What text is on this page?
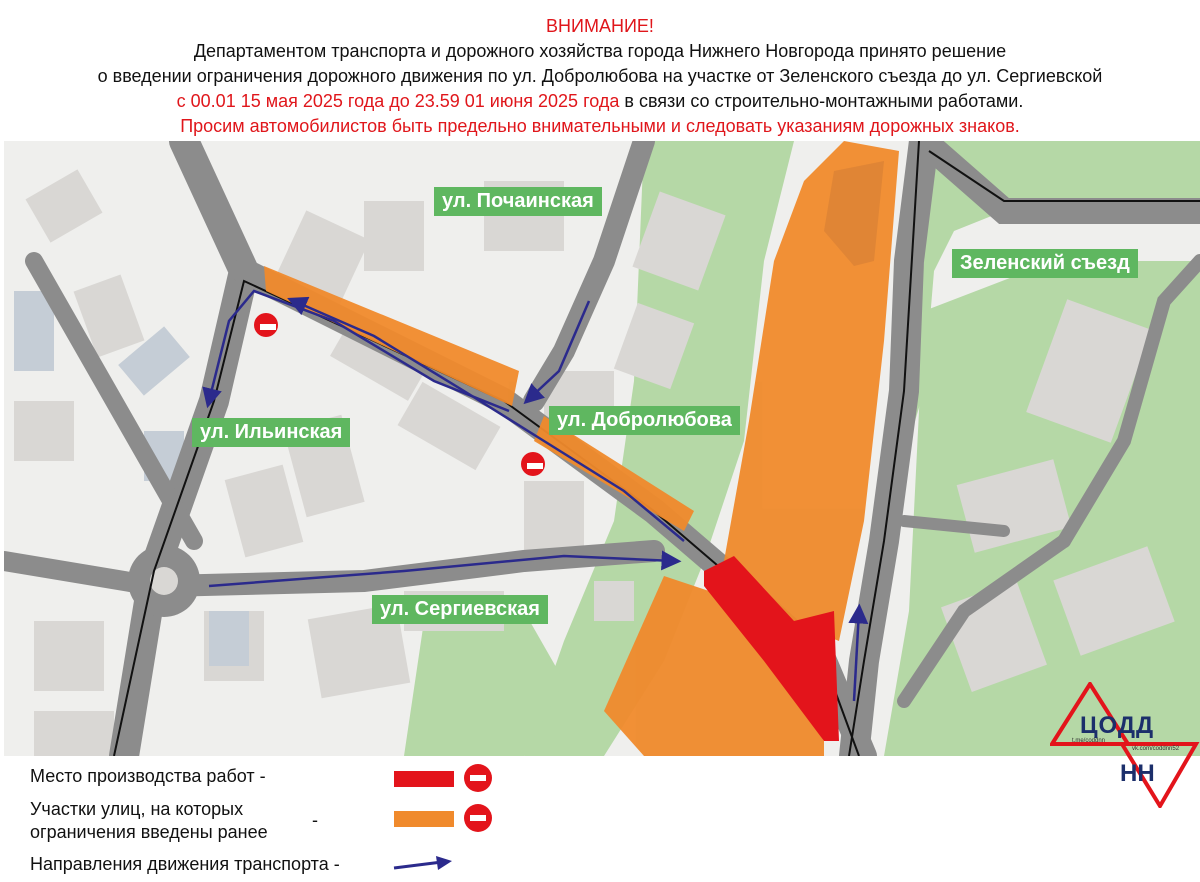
ВНИМАНИЕ!
Департаментом транспорта и дорожного хозяйства города Нижнего Новгорода принято решение
о введении ограничения дорожного движения по ул. Добролюбова на участке от Зеленского съезда до ул. Сергиевской
с 00.01 15 мая 2025 года до 23.59 01 июня 2025 года в связи со строительно-монтажными работами.
Просим автомобилистов быть предельно внимательными и следовать указаниям дорожных знаков.
ул. Почаинская
Зеленский съезд
ул. Ильинская
ул. Добролюбова
ул. Сергиевская
Место производства работ -
Участки улиц, на которых
ограничения введены ранее
-
Направления движения транспорта -
ЦОДД
НН
t.me/coddnn
vk.com/coddnn52
